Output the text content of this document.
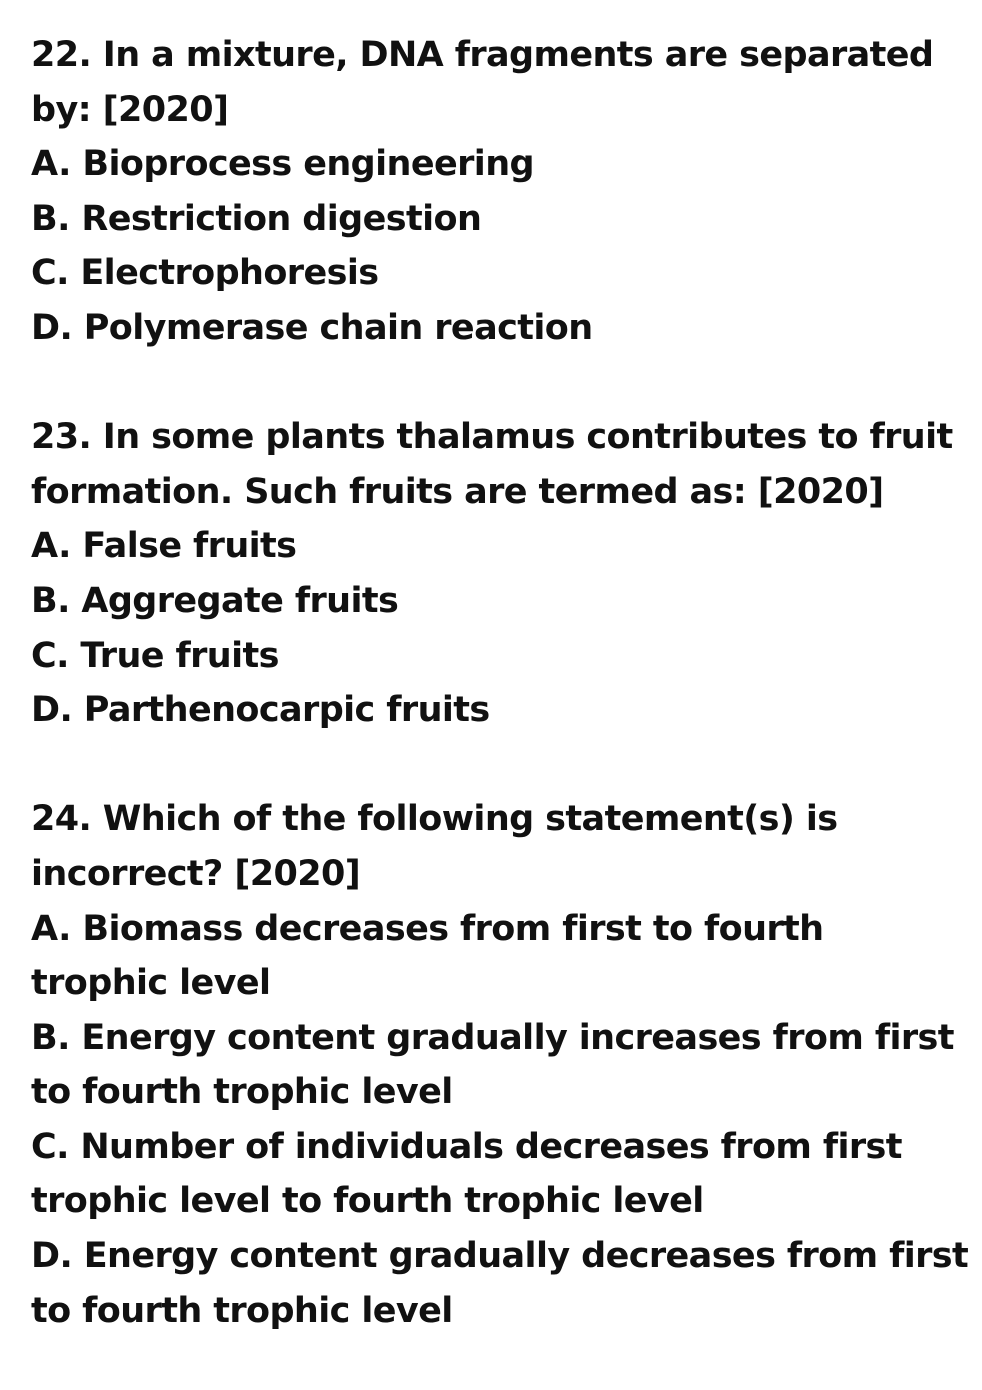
22. In a mixture, DNA fragments are separated
by: [2020]
A. Bioprocess engineering
B. Restriction digestion
C. Electrophoresis
D. Polymerase chain reaction
23. In some plants thalamus contributes to fruit
formation. Such fruits are termed as: [2020]
A. False fruits
B. Aggregate fruits
C. True fruits
D. Parthenocarpic fruits
24. Which of the following statement(s) is
incorrect? [2020]
A. Biomass decreases from first to fourth
trophic level
B. Energy content gradually increases from first
to fourth trophic level
C. Number of individuals decreases from first
trophic level to fourth trophic level
D. Energy content gradually decreases from first
to fourth trophic level
